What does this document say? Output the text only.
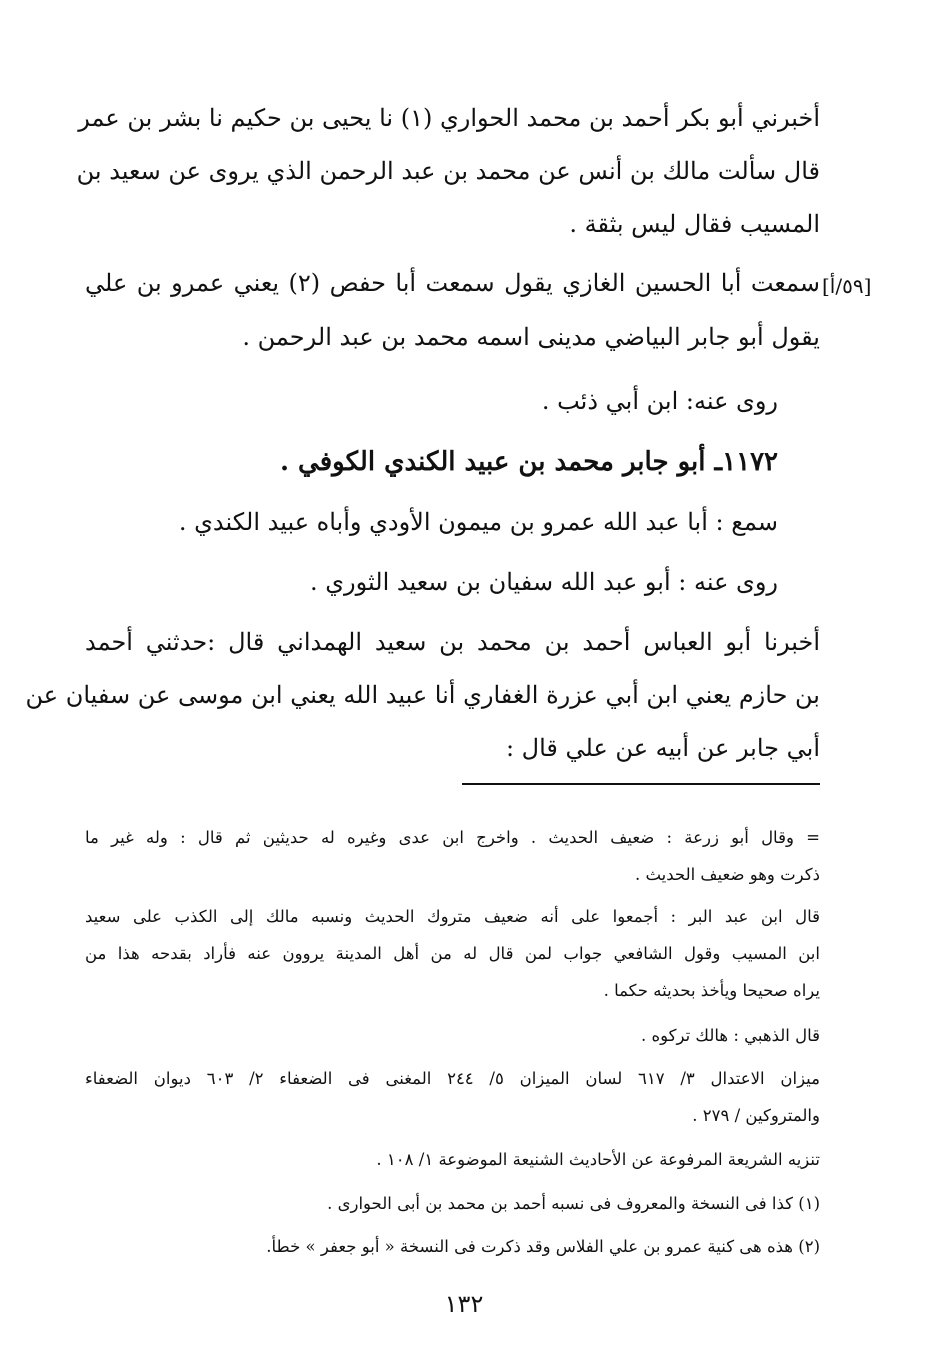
أخبرني أبو بكر أحمد بن محمد الحواري (١) نا يحيى بن حكيم نا بشر بن عمر
قال سألت مالك بن أنس عن محمد بن عبد الرحمن الذي يروى عن سعيد بن
المسيب فقال ليس بثقة .
[٥٩/أ]
سمعت أبا الحسين الغازي يقول سمعت أبا حفص (٢) يعني عمرو بن علي
يقول أبو جابر البياضي مدينى اسمه محمد بن عبد الرحمن .
روى عنه: ابن أبي ذئب .
١١٧٢ـ أبو جابر محمد بن عبيد الكندي الكوفي .
سمع : أبا عبد الله عمرو بن ميمون الأودي وأباه عبيد الكندي .
روى عنه : أبو عبد الله سفيان بن سعيد الثوري .
أخبرنا أبو العباس أحمد بن محمد بن سعيد الهمداني قال :حدثني أحمد
بن حازم يعني ابن أبي عزرة الغفاري أنا عبيد الله يعني ابن موسى عن سفيان عن
أبي جابر عن أبيه عن علي قال :
= وقال أبو زرعة : ضعيف الحديث . واخرج ابن عدى وغيره له حديثين ثم قال : وله غير ما
ذكرت وهو ضعيف الحديث .
قال ابن عبد البر : أجمعوا على أنه ضعيف متروك الحديث ونسبه مالك إلى الكذب على سعيد
ابن المسيب وقول الشافعي جواب لمن قال له من أهل المدينة يروون عنه فأراد بقدحه هذا من
يراه صحيحا ويأخذ بحديثه حكما .
قال الذهبي : هالك تركوه .
ميزان الاعتدال ٣/ ٦١٧ لسان الميزان ٥/ ٢٤٤ المغنى فى الضعفاء ٢/ ٦٠٣ ديوان الضعفاء
والمتروكين / ٢٧٩ .
تنزيه الشريعة المرفوعة عن الأحاديث الشنيعة الموضوعة ١/ ١٠٨ .
(١) كذا فى النسخة والمعروف فى نسبه أحمد بن محمد بن أبى الحوارى .
(٢) هذه هى كنية عمرو بن علي الفلاس وقد ذكرت فى النسخة « أبو جعفر » خطأ.
١٣٢
